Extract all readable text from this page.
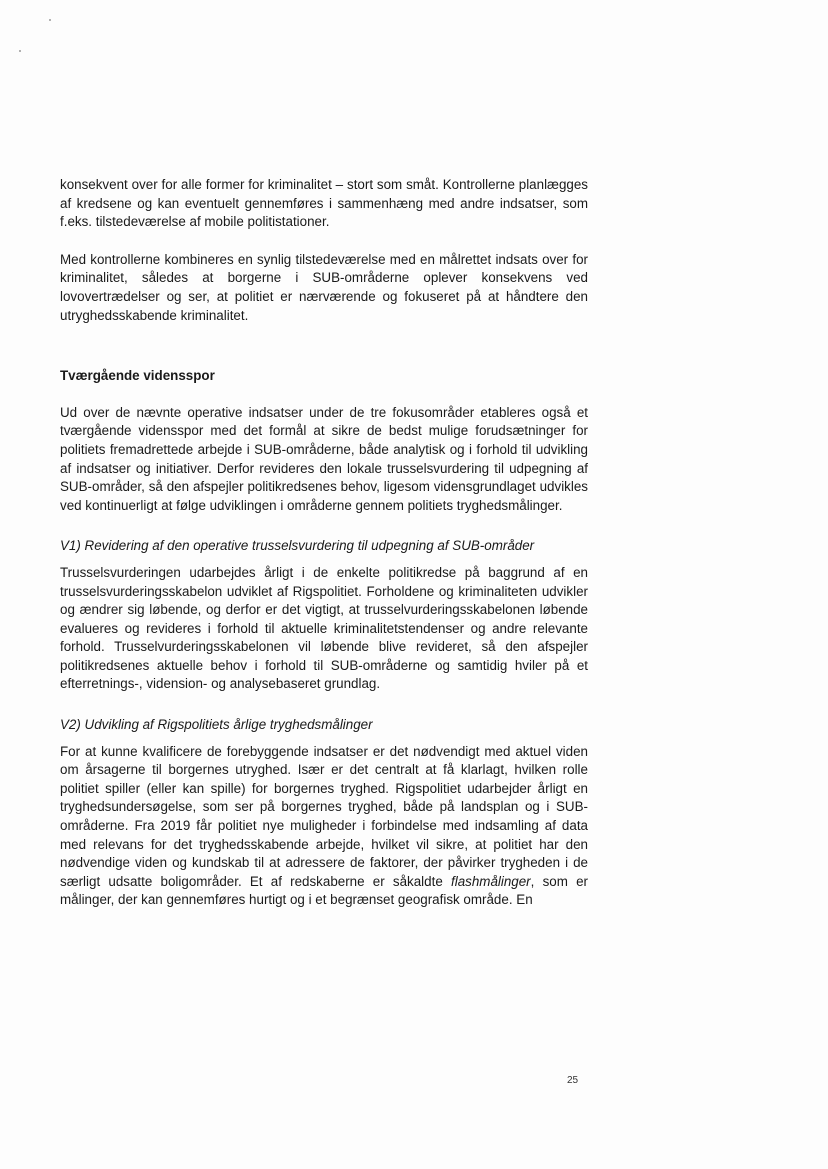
konsekvent over for alle former for kriminalitet – stort som småt. Kontrollerne planlægges af kredsene og kan eventuelt gennemføres i sammenhæng med andre indsatser, som f.eks. tilstedeværelse af mobile politistationer.

Med kontrollerne kombineres en synlig tilstedeværelse med en målrettet indsats over for kriminalitet, således at borgerne i SUB-områderne oplever konsekvens ved lovovertrædelser og ser, at politiet er nærværende og fokuseret på at håndtere den utryghedsskabende kriminalitet.

Tværgående vidensspor

Ud over de nævnte operative indsatser under de tre fokusområder etableres også et tværgående vidensspor med det formål at sikre de bedst mulige forudsætninger for politiets fremadrettede arbejde i SUB-områderne, både analytisk og i forhold til udvikling af indsatser og initiativer. Derfor revideres den lokale trusselsvurdering til udpegning af SUB-områder, så den afspejler politikredsenes behov, ligesom vidensgrundlaget udvikles ved kontinuerligt at følge udviklingen i områderne gennem politiets tryghedsmålinger.

V1) Revidering af den operative trusselsvurdering til udpegning af SUB-områder

Trusselsvurderingen udarbejdes årligt i de enkelte politikredse på baggrund af en trusselsvurderingsskabelon udviklet af Rigspolitiet. Forholdene og kriminaliteten udvikler og ændrer sig løbende, og derfor er det vigtigt, at trusselvurderingsskabelonen løbende evalueres og revideres i forhold til aktuelle kriminalitetstendenser og andre relevante forhold. Trusselvurderingsskabelonen vil løbende blive revideret, så den afspejler politikredsenes aktuelle behov i forhold til SUB-områderne og samtidig hviler på et efterretnings-, vidension- og analysebaseret grundlag.

V2) Udvikling af Rigspolitiets årlige tryghedsmålinger

For at kunne kvalificere de forebyggende indsatser er det nødvendigt med aktuel viden om årsagerne til borgernes utryghed. Især er det centralt at få klarlagt, hvilken rolle politiet spiller (eller kan spille) for borgernes tryghed. Rigspolitiet udarbejder årligt en tryghedsundersøgelse, som ser på borgernes tryghed, både på landsplan og i SUB-områderne. Fra 2019 får politiet nye muligheder i forbindelse med indsamling af data med relevans for det tryghedsskabende arbejde, hvilket vil sikre, at politiet har den nødvendige viden og kundskab til at adressere de faktorer, der påvirker trygheden i de særligt udsatte boligområder. Et af redskaberne er såkaldte flashmålinger, som er målinger, der kan gennemføres hurtigt og i et begrænset geografisk område. En

25
